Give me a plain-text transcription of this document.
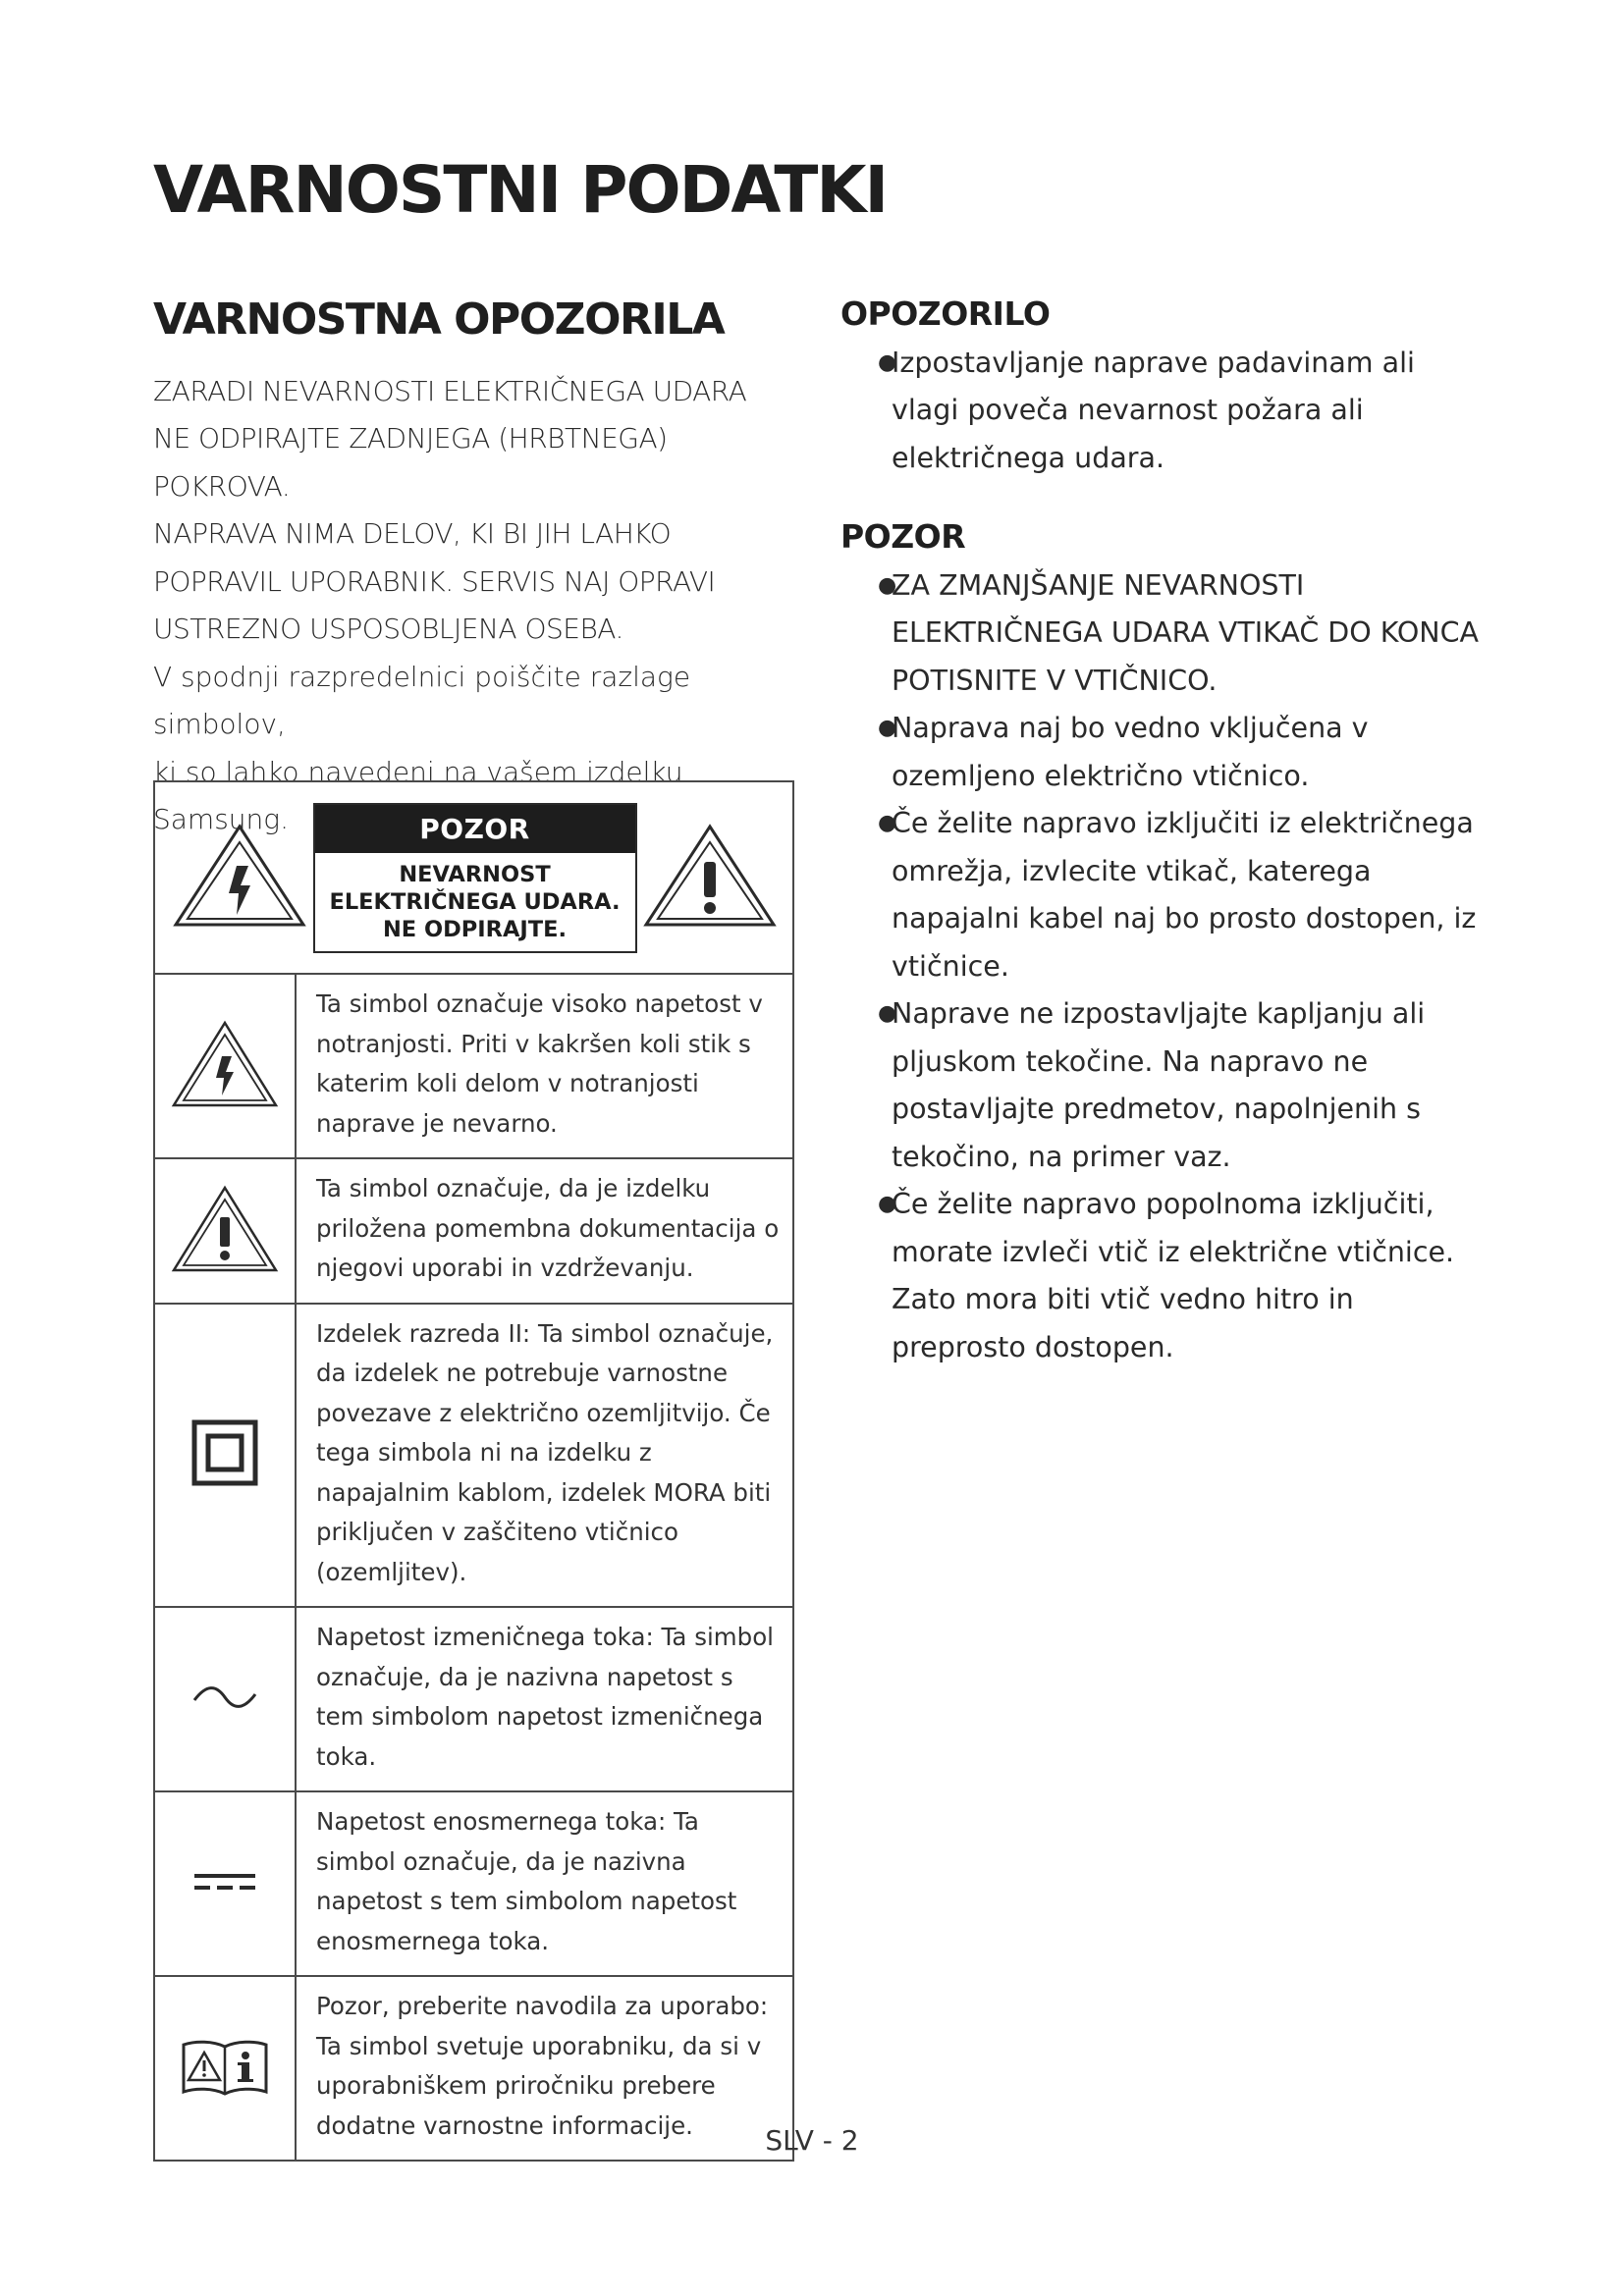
VARNOSTNI PODATKI
VARNOSTNA OPOZORILA

ZARADI NEVARNOSTI ELEKTRIČNEGA UDARA

NE ODPIRAJTE ZADNJEGA (HRBTNEGA)

POKROVA.

NAPRAVA NIMA DELOV, KI BI JIH LAHKO

POPRAVIL UPORABNIK. SERVIS NAJ OPRAVI

USTREZNO USPOSOBLJENA OSEBA.

V spodnji razpredelnici poiščite razlage simbolov,

ki so lahko navedeni na vašem izdelku Samsung.	POZOR
NEVARNOST
ELEKTRIČNEGA UDARA.
NE ODPIRAJTE.	

	Ta simbol označuje visoko napetost v notranjosti. Priti v kakršen koli stik s katerim koli delom v notranjosti naprave je nevarno.
	Ta simbol označuje, da je izdelku priložena pomembna dokumentacija o njegovi uporabi in vzdrževanju.
	Izdelek razreda II: Ta simbol označuje, da izdelek ne potrebuje varnostne povezave z električno ozemljitvijo. Če tega simbola ni na izdelku z napajalnim kablom, izdelek MORA biti priključen v zaščiteno vtičnico (ozemljitev).
	Napetost izmeničnega toka: Ta simbol označuje, da je nazivna napetost s tem simbolom napetost izmeničnega toka.
	Napetost enosmernega toka: Ta simbol označuje, da je nazivna napetost s tem simbolom napetost enosmernega toka.
	Pozor, preberite navodila za uporabo: Ta simbol svetuje uporabniku, da si v uporabniškem priročniku prebere dodatne varnostne informacije.
OPOZORILO
●
Izpostavljanje naprave padavinam ali vlagi poveča nevarnost požara ali električnega udara.
POZOR
●
ZA ZMANJŠANJE NEVARNOSTI ELEKTRIČNEGA UDARA VTIKAČ DO KONCA POTISNITE V VTIČNICO.
●
Naprava naj bo vedno vključena v ozemljeno električno vtičnico.
●
Če želite napravo izključiti iz električnega omrežja, izvlecite vtikač, katerega napajalni kabel naj bo prosto dostopen, iz vtičnice.
●
Naprave ne izpostavljajte kapljanju ali pljuskom tekočine. Na napravo ne postavljajte predmetov, napolnjenih s tekočino, na primer vaz.
●
Če želite napravo popolnoma izključiti, morate izvleči vtič iz električne vtičnice. Zato mora biti vtič vedno hitro in preprosto dostopen.
SLV - 2
